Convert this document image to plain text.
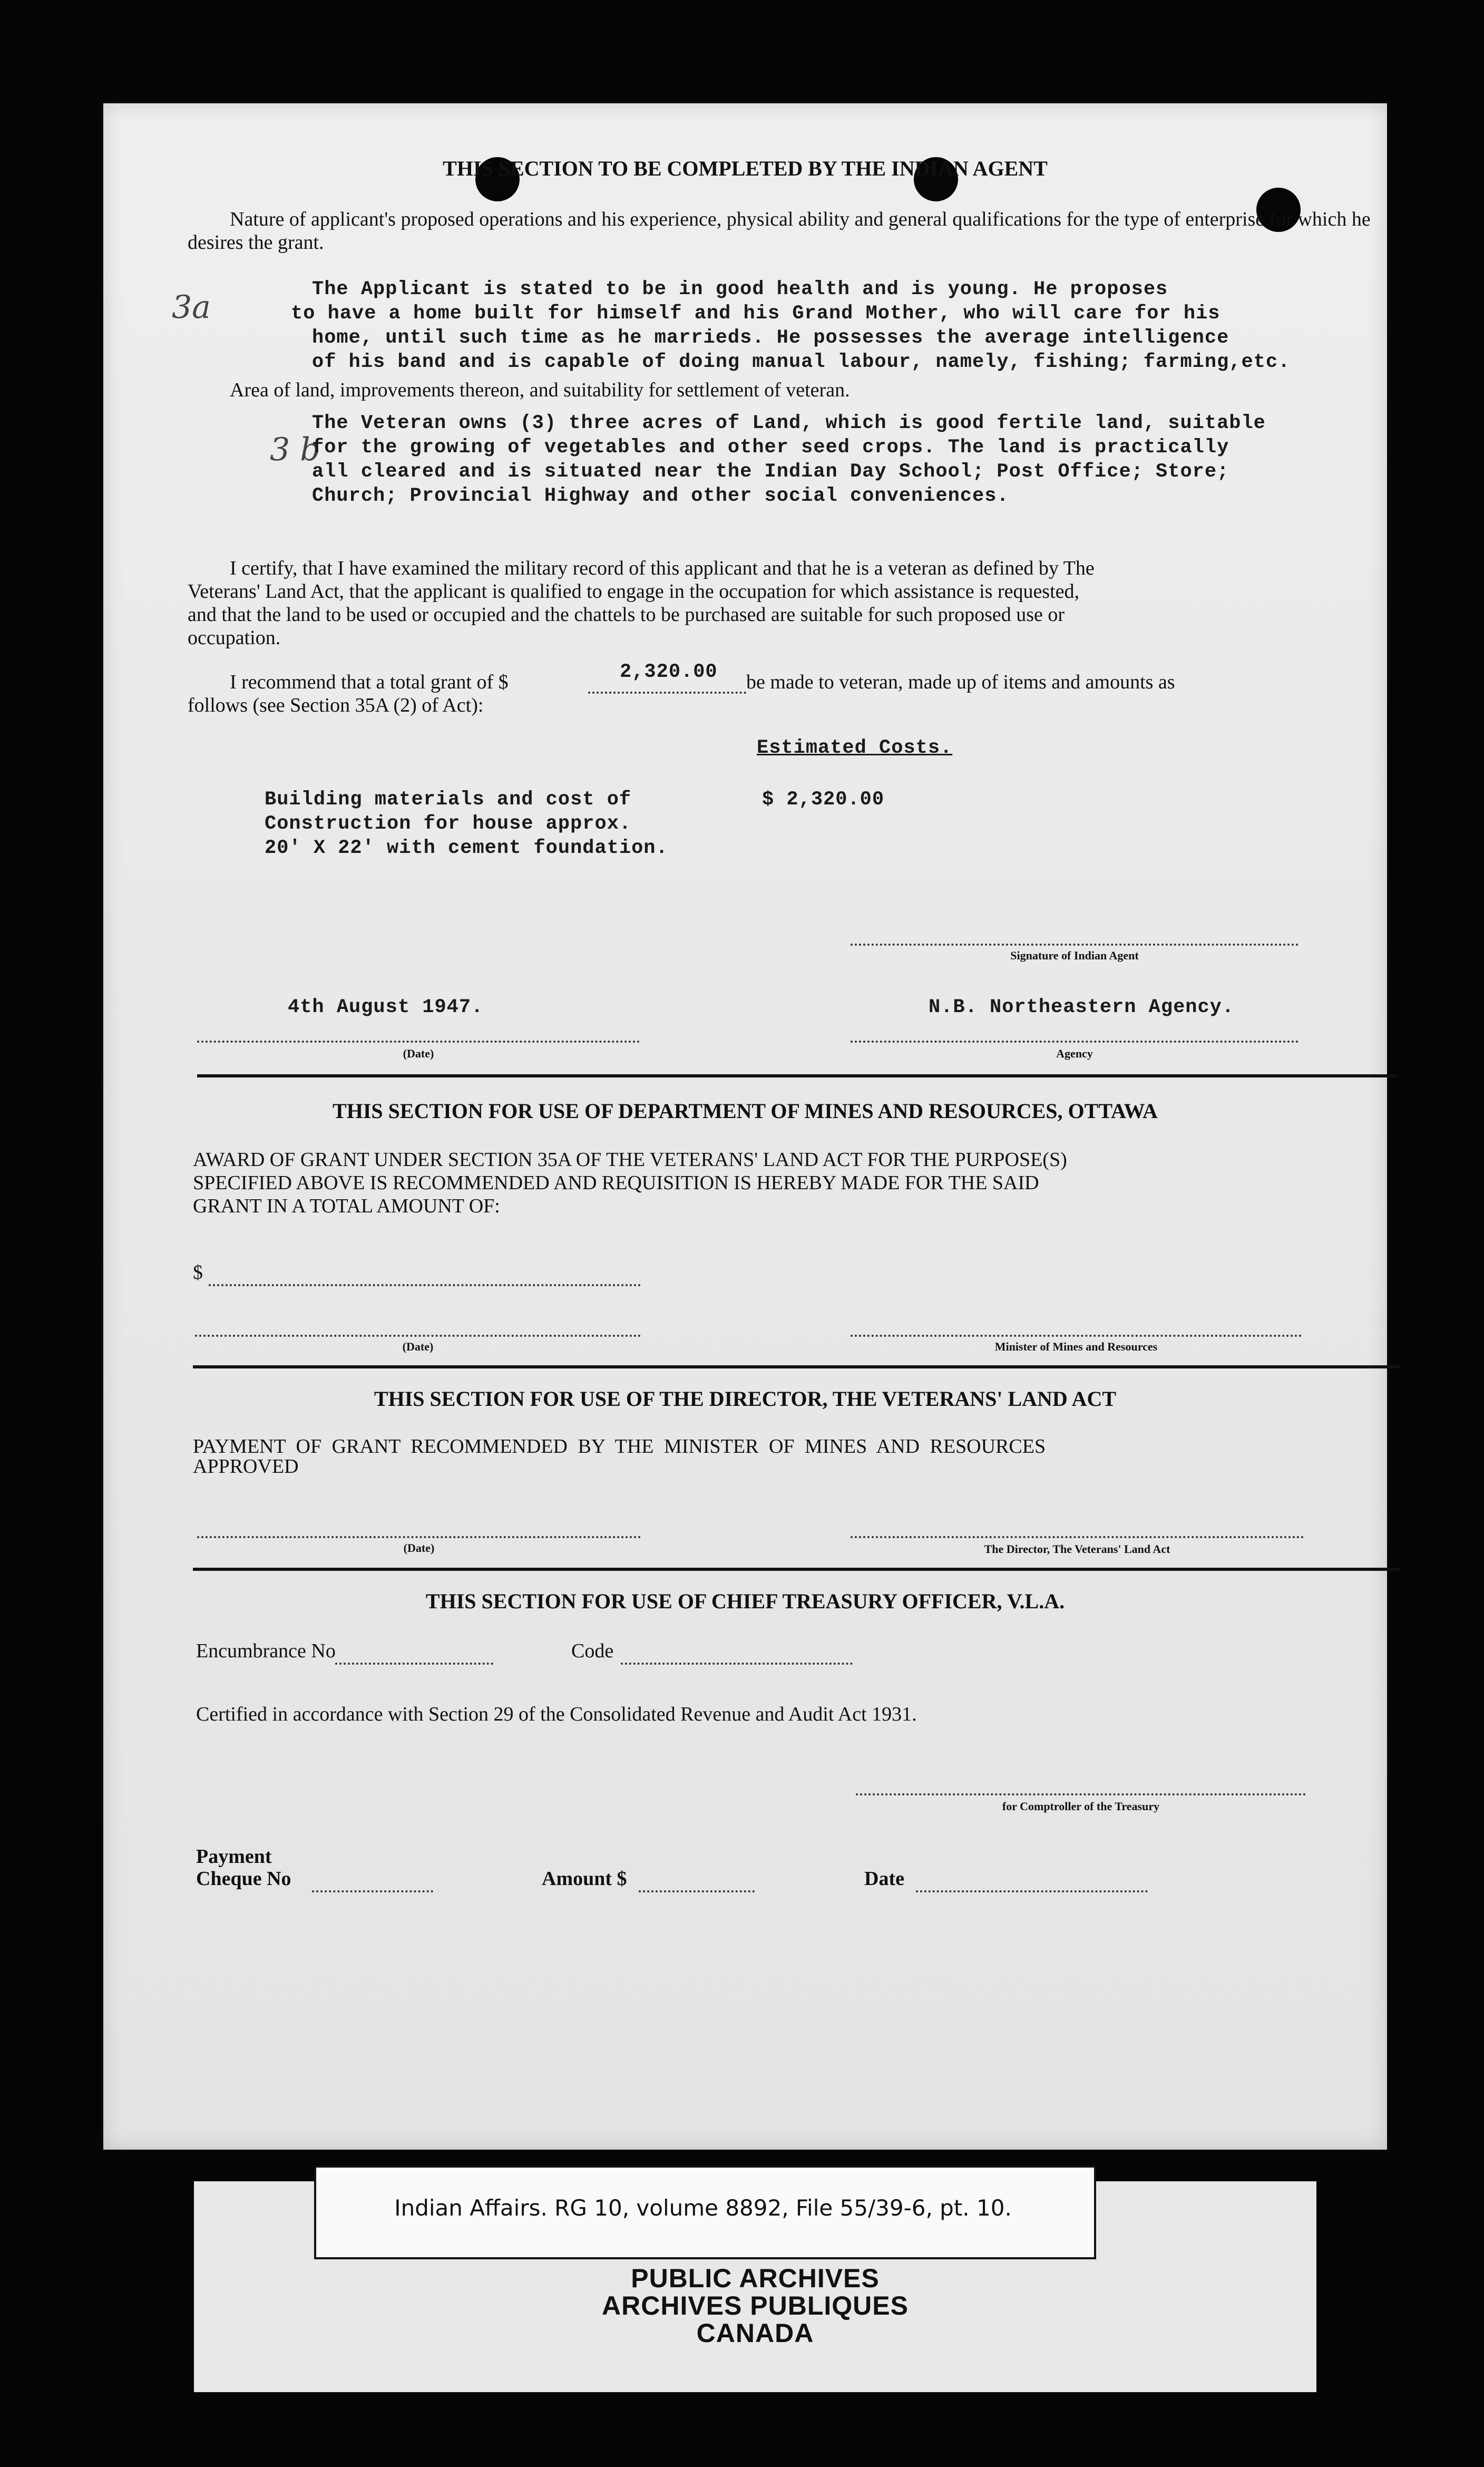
THIS SECTION TO BE COMPLETED BY THE INDIAN AGENT
Nature of applicant's proposed operations and his experience, physical ability and general qualifications for the type of enterprise for which he desires the grant.
3a	The Applicant is stated to be in good health and is young. He proposes
to have a home built for himself and his Grand Mother, who will care for his
home, until such time as he marrieds. He possesses the average intelligence
of his band and is capable of doing manual labour, namely, fishing; farming,etc.
Area of land, improvements thereon, and suitability for settlement of veteran.
3 b
The Veteran owns (3) three acres of Land, which is good fertile land, suitable
for the growing of vegetables and other seed crops. The land is practically
all cleared and is situated near the Indian Day School; Post Office; Store;
Church; Provincial Highway and other social conveniences.
I certify, that I have examined the military record of this applicant and that he is a veteran as defined by The
Veterans' Land Act, that the applicant is qualified to engage in the occupation for which assistance is requested,
and that the land to be used or occupied and the chattels to be purchased are suitable for such proposed use or
occupation.
I recommend that a total grant of $	2,320.00 be made to veteran, made up of items and amounts as
follows (see Section 35A (2) of Act):
Estimated Costs.
Building materials and cost of
Construction for house approx.
20' X 22' with cement foundation.
$ 2,320.00
Signature of Indian Agent
4th August 1947.	N.B. Northeastern Agency.
(Date)	Agency
THIS SECTION FOR USE OF DEPARTMENT OF MINES AND RESOURCES, OTTAWA
AWARD OF GRANT UNDER SECTION 35A OF THE VETERANS' LAND ACT FOR THE PURPOSE(S)
SPECIFIED ABOVE IS RECOMMENDED AND REQUISITION IS HEREBY MADE FOR THE SAID
GRANT IN A TOTAL AMOUNT OF:
$
(Date)	Minister of Mines and Resources
THIS SECTION FOR USE OF THE DIRECTOR, THE VETERANS' LAND ACT
PAYMENT OF GRANT RECOMMENDED BY THE MINISTER OF MINES AND RESOURCES
APPROVED
(Date)	The Director, The Veterans' Land Act
THIS SECTION FOR USE OF CHIEF TREASURY OFFICER, V.L.A.
Encumbrance No	Code
Certified in accordance with Section 29 of the Consolidated Revenue and Audit Act 1931.
for Comptroller of the Treasury
Payment
Cheque No	Amount $	Date
Indian Affairs. RG 10, volume 8892, File 55/39-6, pt. 10.
PUBLIC ARCHIVES
ARCHIVES PUBLIQUES
CANADA
